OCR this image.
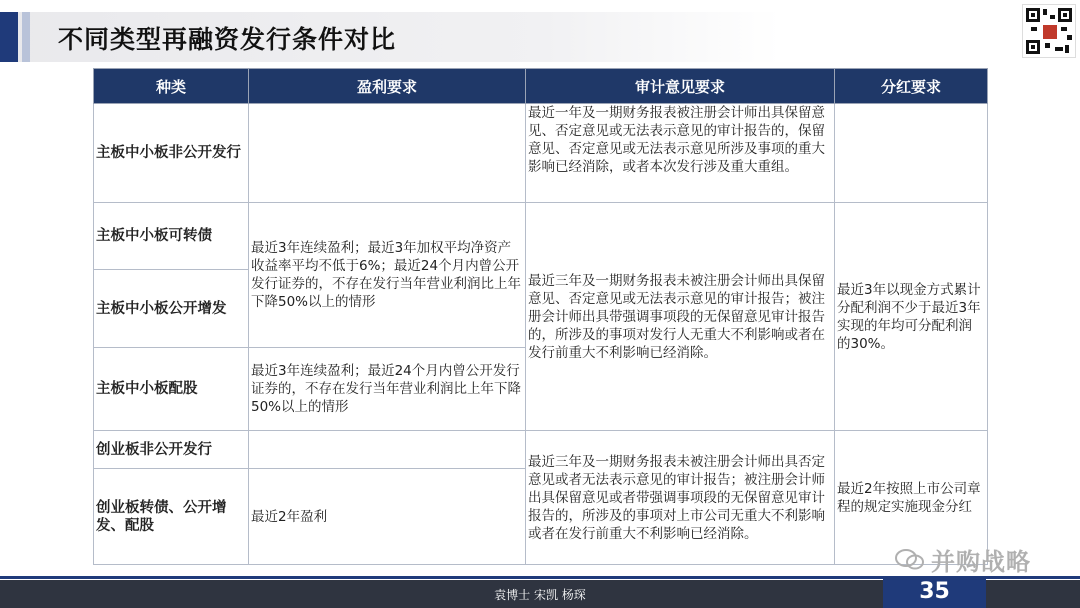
不同类型再融资发行条件对比
种类	盈利要求	审计意见要求	分红要求
主板中小板非公开发行		最近一年及一期财务报表被注册会计师出具保留意见、否定意见或无法表示意见的审计报告的，保留意见、否定意见或无法表示意见所涉及事项的重大影响已经消除，或者本次发行涉及重大重组。	
主板中小板可转债	最近3年连续盈利；最近3年加权平均净资产收益率平均不低于6%；最近24个月内曾公开发行证券的，不存在发行当年营业利润比上年下降50%以上的情形	最近三年及一期财务报表未被注册会计师出具保留意见、否定意见或无法表示意见的审计报告；被注册会计师出具带强调事项段的无保留意见审计报告的，所涉及的事项对发行人无重大不利影响或者在发行前重大不利影响已经消除。	最近3年以现金方式累计分配利润不少于最近3年实现的年均可分配利润的30%。
主板中小板公开增发			
主板中小板配股	最近3年连续盈利；最近24个月内曾公开发行证券的，不存在发行当年营业利润比上年下降50%以上的情形		
创业板非公开发行		最近三年及一期财务报表未被注册会计师出具否定意见或者无法表示意见的审计报告；被注册会计师出具保留意见或者带强调事项段的无保留意见审计报告的，所涉及的事项对上市公司无重大不利影响或者在发行前重大不利影响已经消除。	最近2年按照上市公司章程的规定实施现金分红
创业板转债、公开增发、配股	最近2年盈利		
并购战略
袁博士 宋凯 杨琛	35
